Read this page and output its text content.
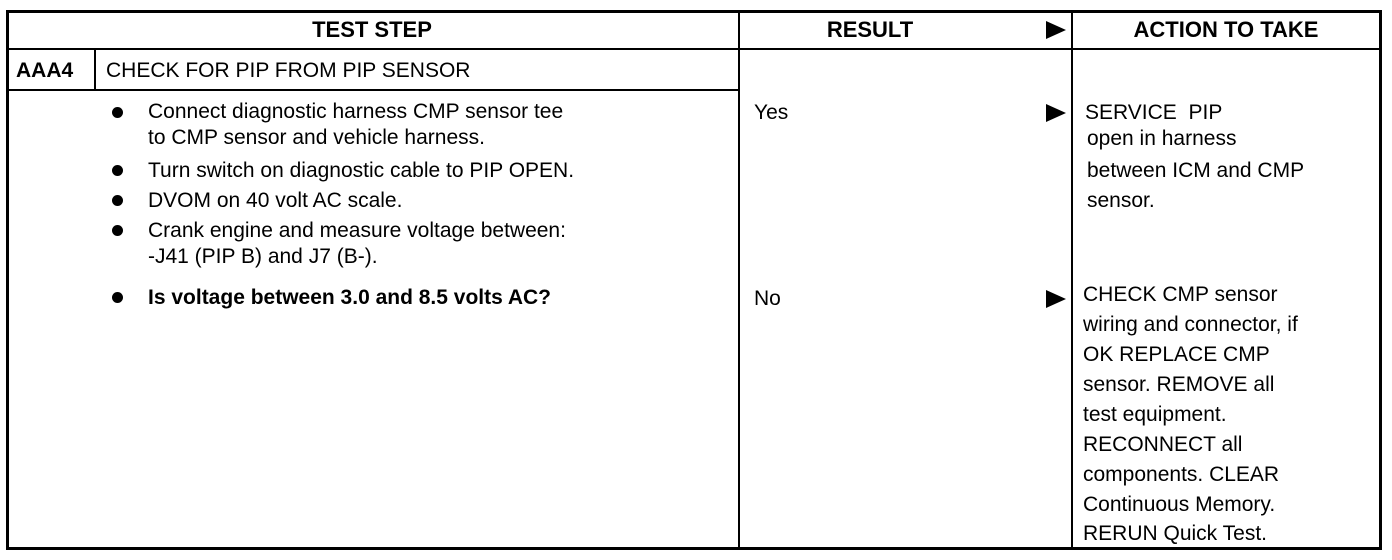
TEST STEP	RESULT	ACTION TO TAKE
AAA4 CHECK FOR PIP FROM PIP SENSOR
Connect diagnostic harness CMP sensor tee
to CMP sensor and vehicle harness.
Turn switch on diagnostic cable to PIP OPEN.
DVOM on 40 volt AC scale.
Crank engine and measure voltage between:
-J41 (PIP B) and J7 (B-).
Is voltage between 3.0 and 8.5 volts AC?
Yes	SERVICE  PIP
open in harness
between ICM and CMP
sensor.
No	CHECK CMP sensor
wiring and connector, if
OK REPLACE CMP
sensor. REMOVE all
test equipment.
RECONNECT all
components. CLEAR
Continuous Memory.
RERUN Quick Test.
